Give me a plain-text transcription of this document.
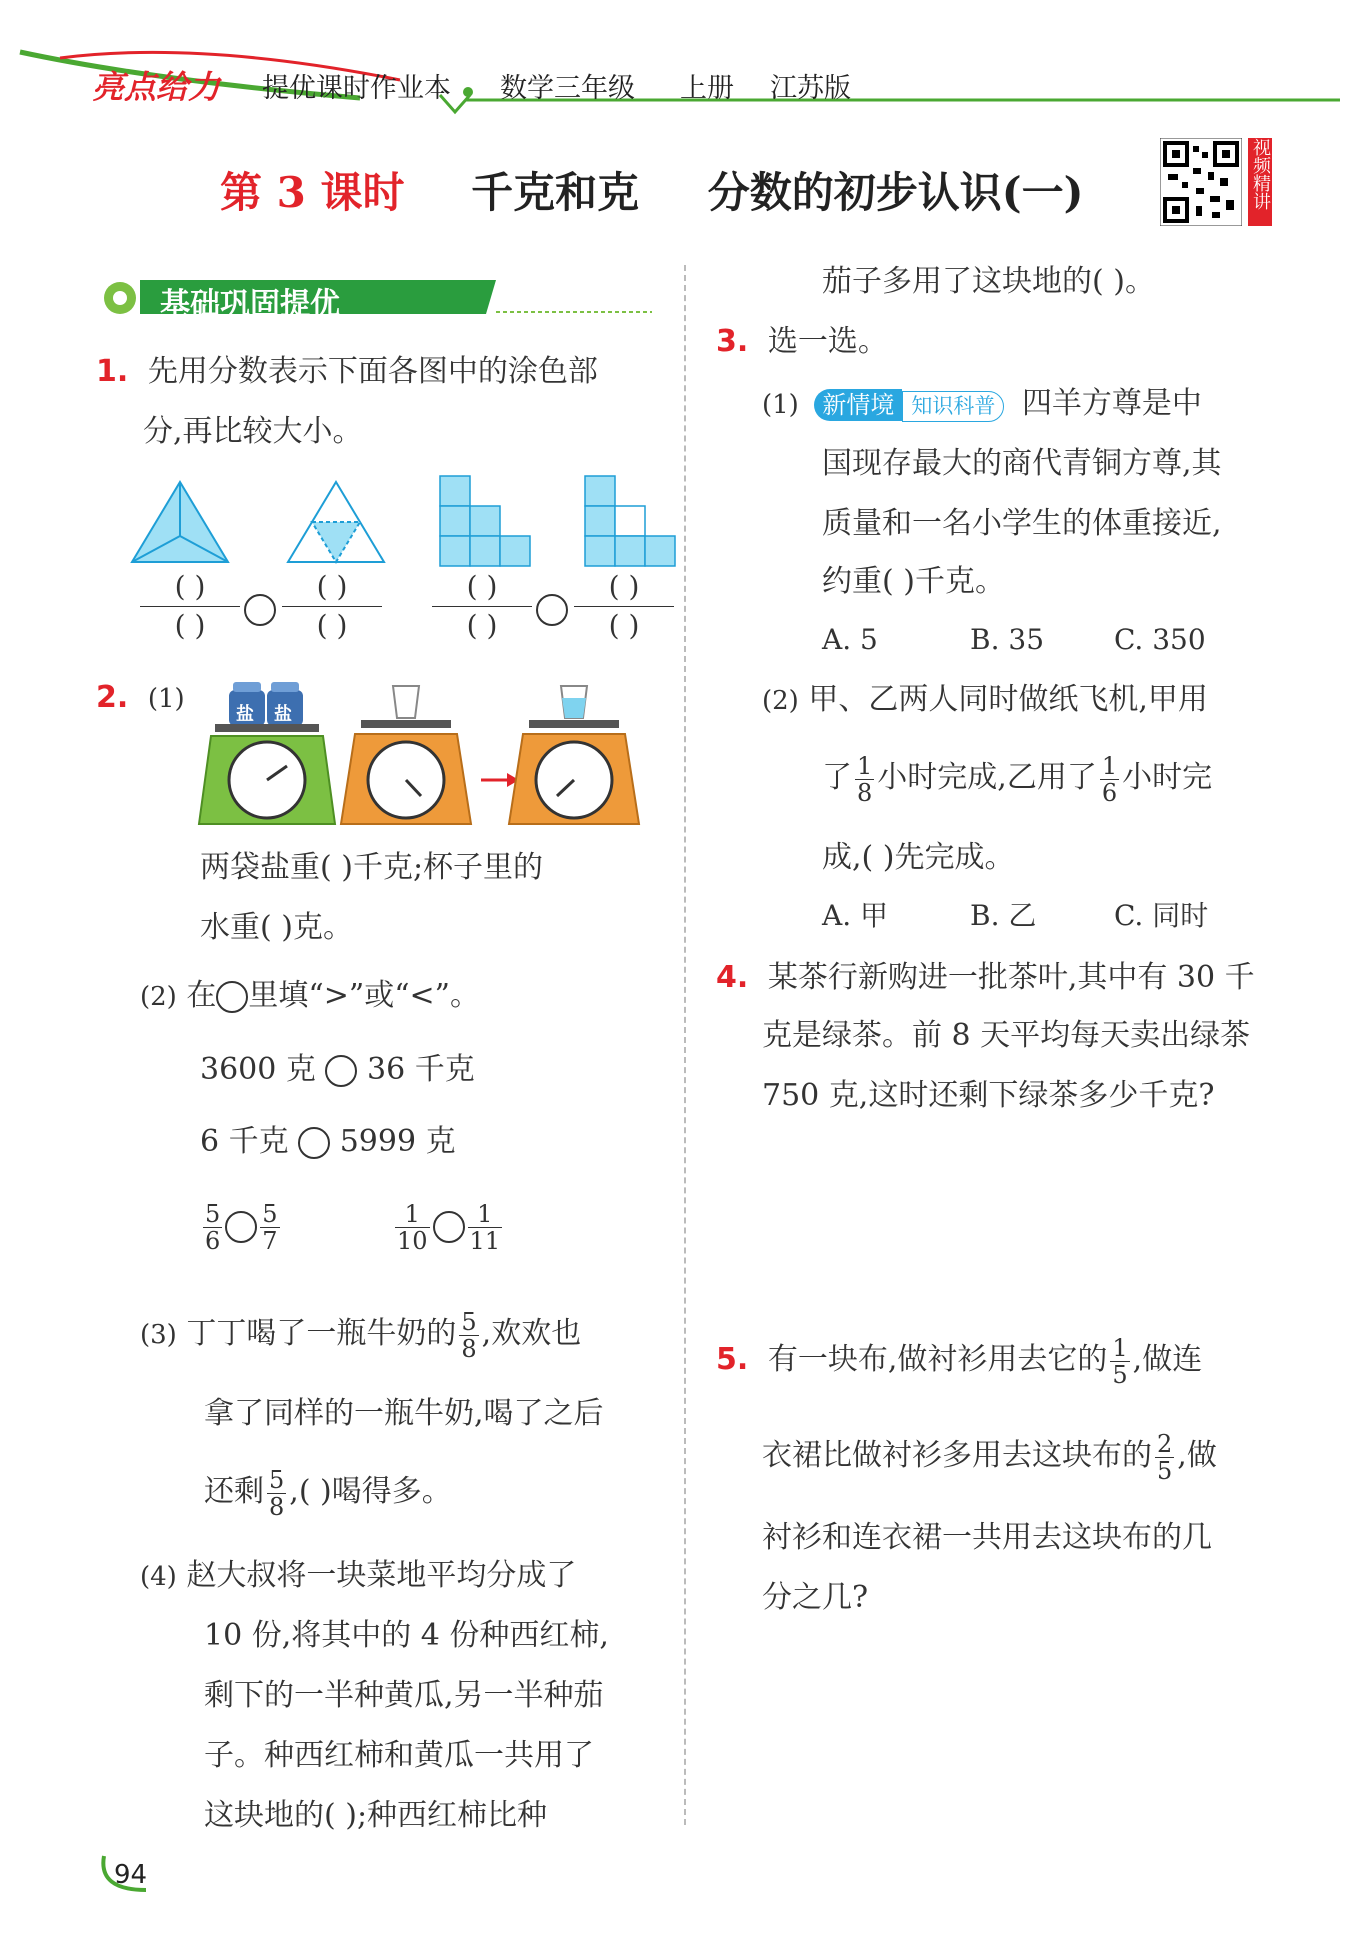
亮点给力 提优课时作业本 数学三年级 上册 江苏版
第 3 课时 千克和克 分数的初步认识(一)	视频精讲
基础巩固提优
1. 先用分数表示下面各图中的涂色部
分,再比较大小。
( )
( )
( )
( )
( )
( )
( )
( )
2. (1)
盐 盐
两袋盐重( )千克;杯子里的
水重( )克。
(2) 在 里填“>”或“<”。
3600 克 36 千克
6 千克 5999 克
$\frac{5}{6} \frac{5}{7}$	$\frac{1}{10} \frac{1}{11}$
(3) 丁丁喝了一瓶牛奶的 $\frac{5}{8}$ ,欢欢也
拿了同样的一瓶牛奶,喝了之后
还剩 $\frac{5}{8}$ ,( )喝得多。
(4) 赵大叔将一块菜地平均分成了
10 份,将其中的 4 份种西红柿,
剩下的一半种黄瓜,另一半种茄
子。种西红柿和黄瓜一共用了
这块地的( );种西红柿比种
茄子多用了这块地的( )。
3. 选一选。
(1) 新情境 知识科普 四羊方尊是中
国现存最大的商代青铜方尊,其
质量和一名小学生的体重接近,
约重( )千克。
A. 5	B. 35 C. 350
(2) 甲、乙两人同时做纸飞机,甲用
了 $\frac{1}{8}$ 小时完成,乙用了 $\frac{1}{6}$ 小时完
成,( )先完成。
A. 甲	B. 乙	C. 同时
4. 某茶行新购进一批茶叶,其中有 30 千
克是绿茶。前 8 天平均每天卖出绿茶
750 克,这时还剩下绿茶多少千克?
5. 有一块布,做衬衫用去它的 $\frac{1}{5}$ ,做连
衣裙比做衬衫多用去这块布的 $\frac{2}{5}$ ,做
衬衫和连衣裙一共用去这块布的几
分之几?
94
